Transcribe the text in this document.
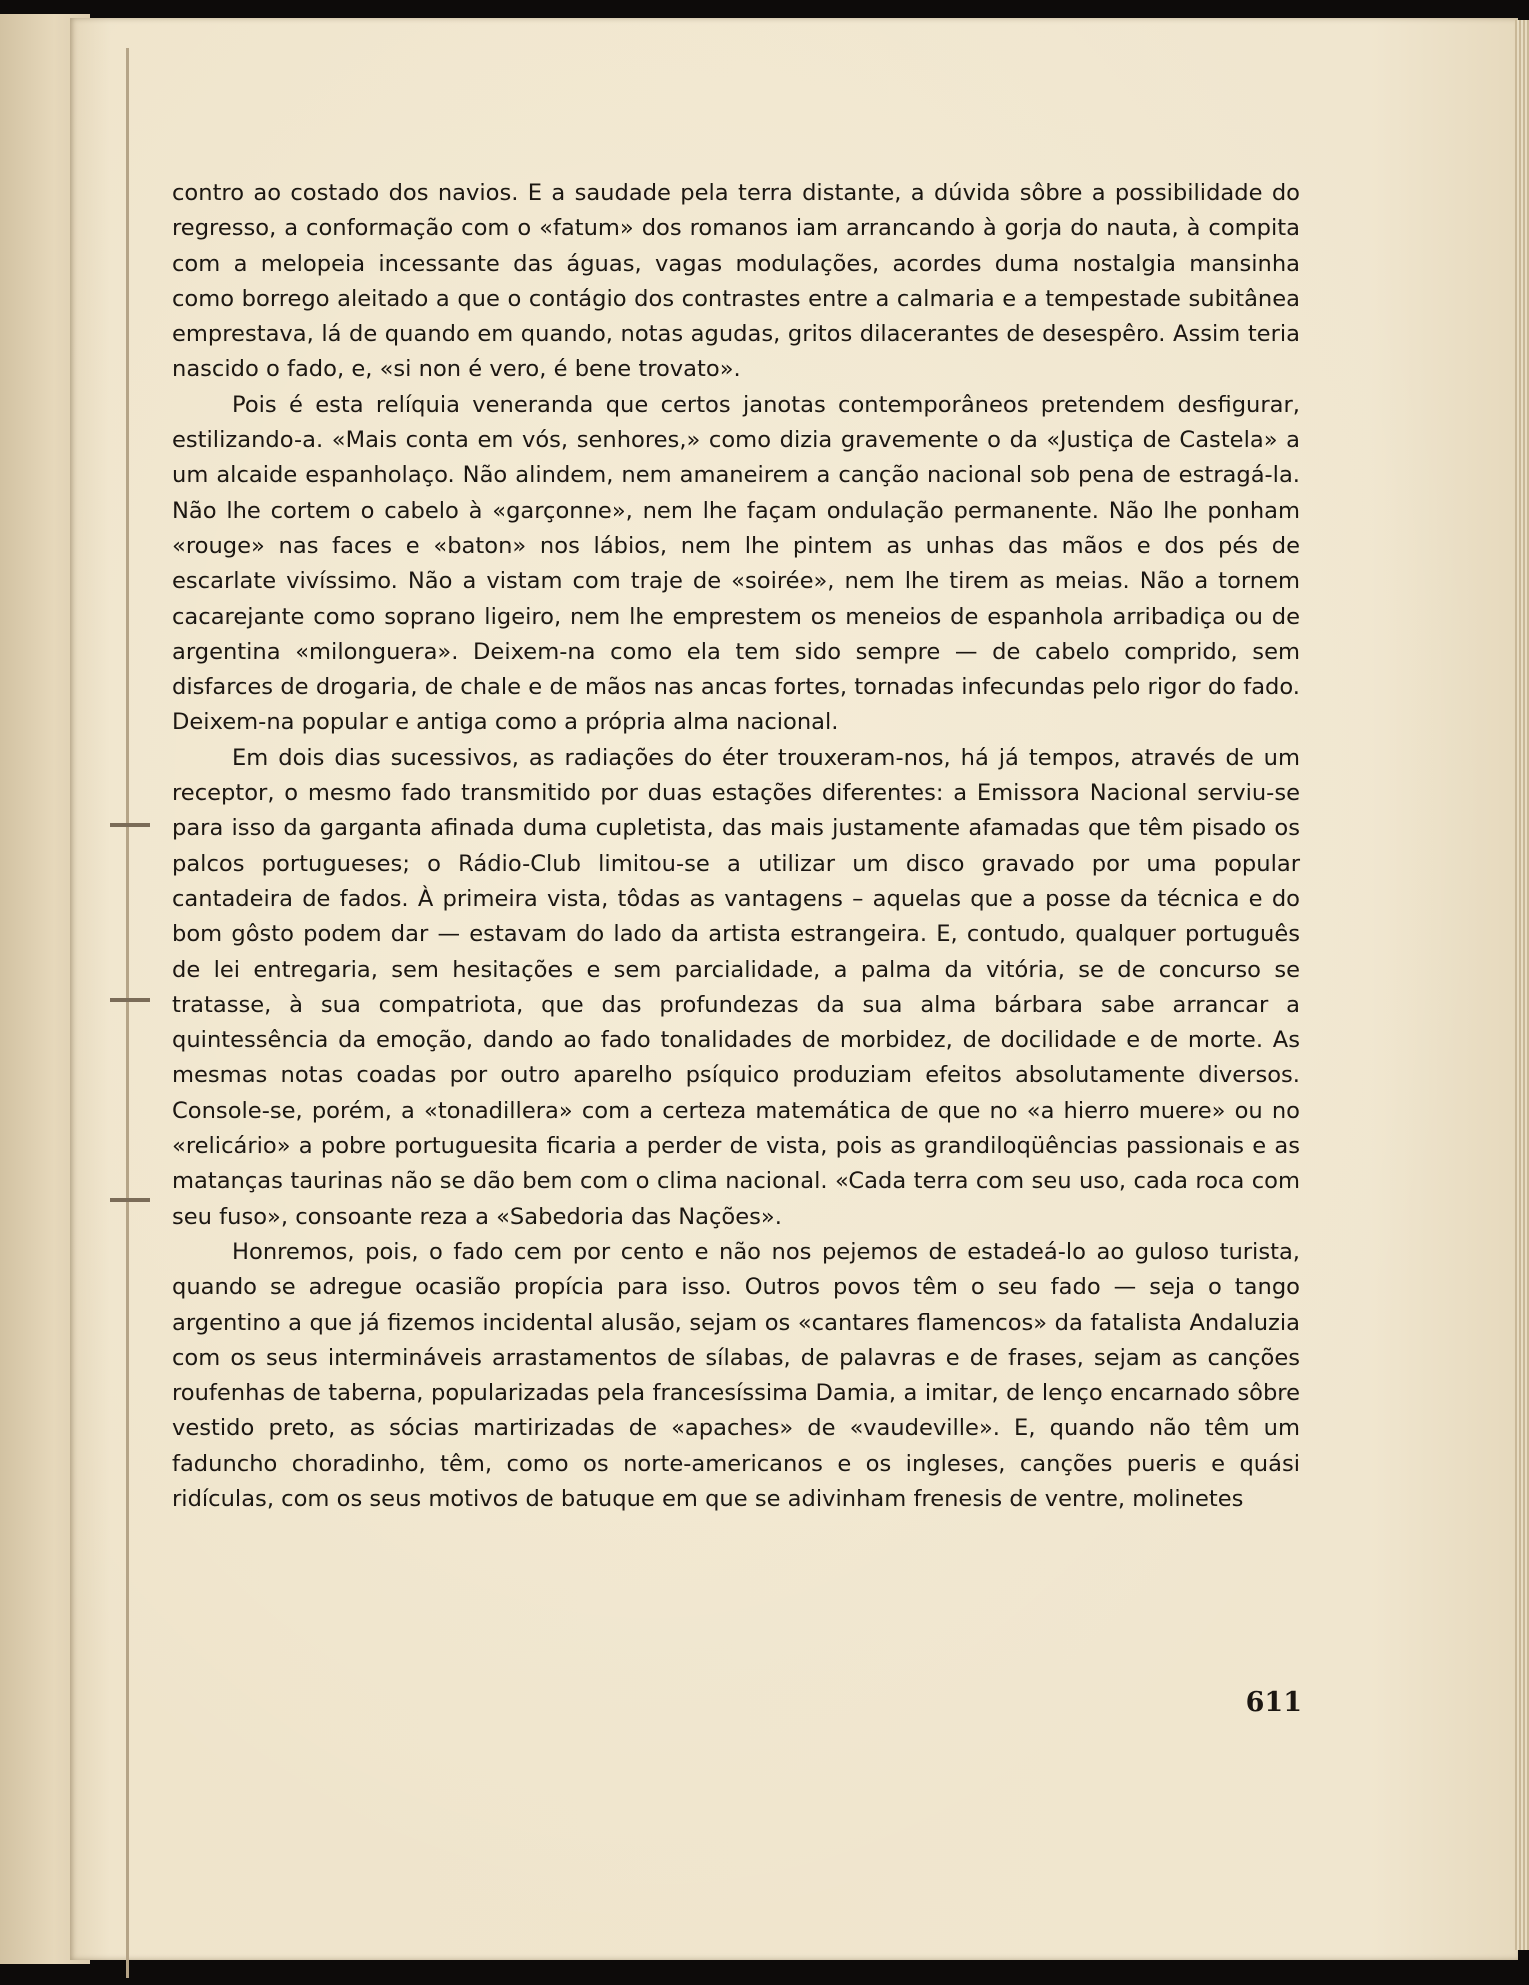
contro ao costado dos navios. E a saudade pela terra distante, a dúvida sôbre a possibilidade do regresso, a conformação com o «fatum» dos romanos iam arrancando à gorja do nauta, à compita com a melopeia incessante das águas, vagas modulações, acordes duma nostalgia mansinha como borrego aleitado a que o contágio dos contrastes entre a calmaria e a tempestade subitânea emprestava, lá de quando em quando, notas agudas, gritos dilacerantes de desespêro. Assim teria nascido o fado, e, «si non é vero, é bene trovato».

Pois é esta relíquia veneranda que certos janotas contemporâneos pretendem desfigurar, estilizando-a. «Mais conta em vós, senhores,» como dizia gravemente o da «Justiça de Castela» a um alcaide espanholaço. Não alindem, nem amaneirem a canção nacional sob pena de estragá-la. Não lhe cortem o cabelo à «garçonne», nem lhe façam ondulação permanente. Não lhe ponham «rouge» nas faces e «baton» nos lábios, nem lhe pintem as unhas das mãos e dos pés de escarlate vivíssimo. Não a vistam com traje de «soirée», nem lhe tirem as meias. Não a tornem cacarejante como soprano ligeiro, nem lhe emprestem os meneios de espanhola arribadiça ou de argentina «milonguera». Deixem-na como ela tem sido sempre — de cabelo comprido, sem disfarces de drogaria, de chale e de mãos nas ancas fortes, tornadas infecundas pelo rigor do fado. Deixem-na popular e antiga como a própria alma nacional.

Em dois dias sucessivos, as radiações do éter trouxeram-nos, há já tempos, através de um receptor, o mesmo fado transmitido por duas estações diferentes: a Emissora Nacional serviu-se para isso da garganta afinada duma cupletista, das mais justamente afamadas que têm pisado os palcos portugueses; o Rádio-Club limitou-se a utilizar um disco gravado por uma popular cantadeira de fados. À primeira vista, tôdas as vantagens – aquelas que a posse da técnica e do bom gôsto podem dar — estavam do lado da artista estrangeira. E, contudo, qualquer português de lei entregaria, sem hesitações e sem parcialidade, a palma da vitória, se de concurso se tratasse, à sua compatriota, que das profundezas da sua alma bárbara sabe arrancar a quintessência da emoção, dando ao fado tonalidades de morbidez, de docilidade e de morte. As mesmas notas coadas por outro aparelho psíquico produziam efeitos absolutamente diversos. Console-se, porém, a «tonadillera» com a certeza matemática de que no «a hierro muere» ou no «relicário» a pobre portuguesita ficaria a perder de vista, pois as grandiloqüências passionais e as matanças taurinas não se dão bem com o clima nacional. «Cada terra com seu uso, cada roca com seu fuso», consoante reza a «Sabedoria das Nações».

Honremos, pois, o fado cem por cento e não nos pejemos de estadeá-lo ao guloso turista, quando se adregue ocasião propícia para isso. Outros povos têm o seu fado — seja o tango argentino a que já fizemos incidental alusão, sejam os «cantares flamencos» da fatalista Andaluzia com os seus intermináveis arrastamentos de sílabas, de palavras e de frases, sejam as canções roufenhas de taberna, popularizadas pela francesíssima Damia, a imitar, de lenço encarnado sôbre vestido preto, as sócias martirizadas de «apaches» de «vaudeville». E, quando não têm um faduncho choradinho, têm, como os norte-americanos e os ingleses, canções pueris e quási ridículas, com os seus motivos de batuque em que se adivinham frenesis de ventre, molinetes

611
